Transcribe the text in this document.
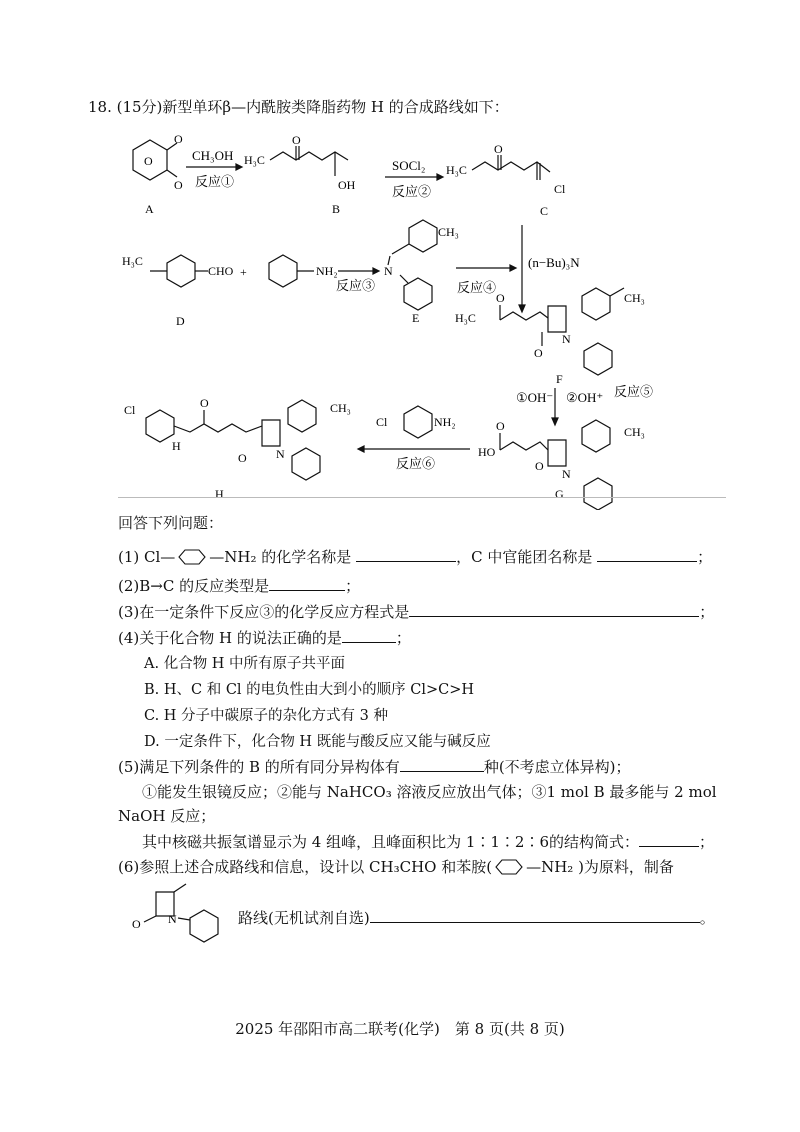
18. (15分)新型单环β—内酰胺类降脂药物 H 的合成路线如下：
A	B	C
D	E
F
G
H
CH₃OH
反应①
SOCl₂
反应②
反应③	反应④
(n−Bu)₃N
①OH⁻ ②OH⁺ 反应⑤
反应⑥
O
O
O	H₃C
O
OH
H₃C
O
Cl
H₃C
CHO +	NH₂
CH₃
N
H₃C
O
N
O
CH₃
HO
O
N
O
CH₃
Cl	NH₂
Cl	O
H
N
O
CH₃
回答下列问题：
(1) Cl— —NH₂ 的化学名称是	，C 中官能团名称是	；
(2)B→C 的反应类型是	；
(3)在一定条件下反应③的化学反应方程式是	；
(4)关于化合物 H 的说法正确的是	；
A. 化合物 H 中所有原子共平面
B. H、C 和 Cl 的电负性由大到小的顺序 Cl>C>H
C. H 分子中碳原子的杂化方式有 3 种
D. 一定条件下，化合物 H 既能与酸反应又能与碱反应
(5)满足下列条件的 B 的所有同分异构体有	种(不考虑立体异构)；
①能发生银镜反应；②能与 NaHCO₃ 溶液反应放出气体；③1 mol B 最多能与 2 mol
NaOH 反应；
其中核磁共振氢谱显示为 4 组峰，且峰面积比为 1∶1∶2∶6的结构简式：	；
(6)参照上述合成路线和信息，设计以 CH₃CHO 和苯胺( —NH₂ )为原料，制备
N
O	路线(无机试剂自选)	。
2025 年邵阳市高二联考(化学)　第 8 页(共 8 页)
